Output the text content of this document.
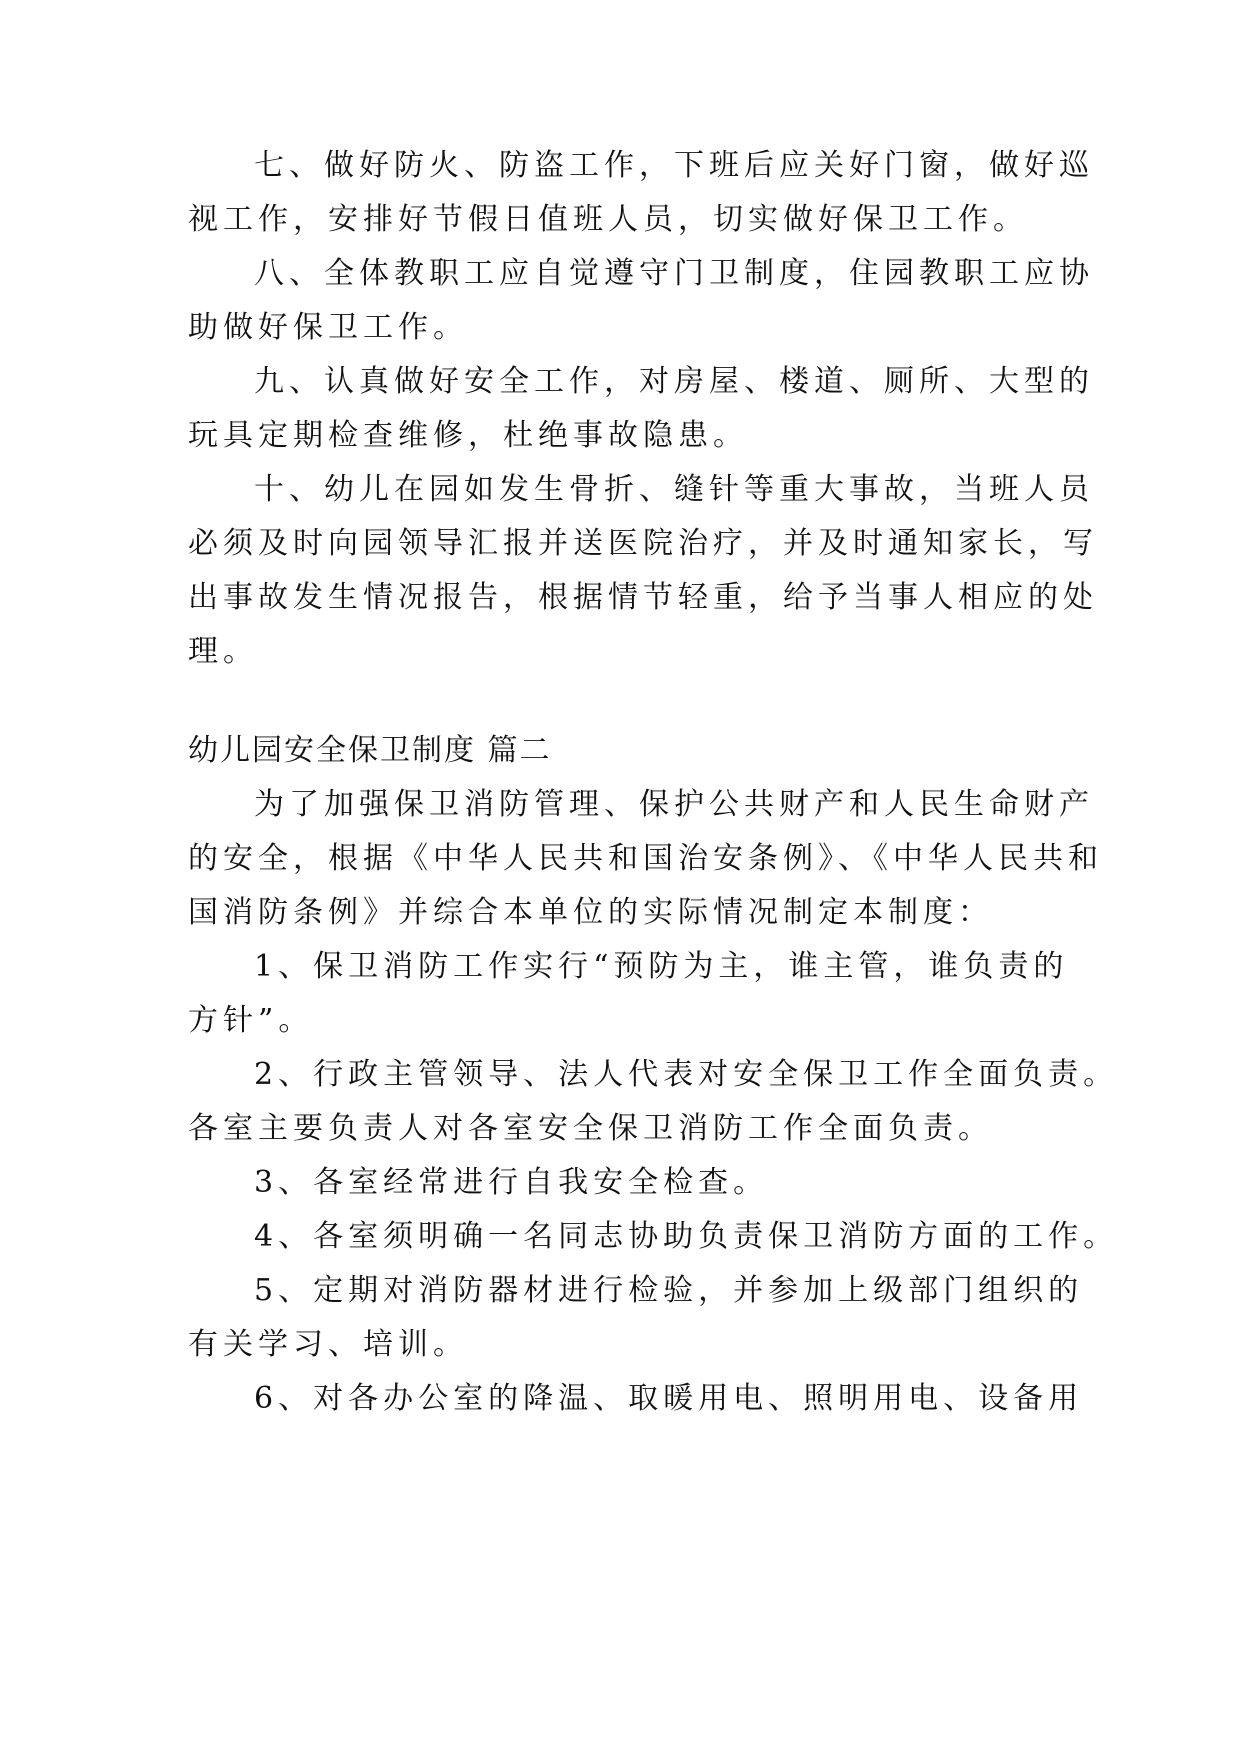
七、做好防火、防盗工作，下班后应关好门窗，做好巡
视工作，安排好节假日值班人员，切实做好保卫工作。
八、全体教职工应自觉遵守门卫制度，住园教职工应协
助做好保卫工作。
九、认真做好安全工作，对房屋、楼道、厕所、大型的
玩具定期检查维修，杜绝事故隐患。
十、幼儿在园如发生骨折、缝针等重大事故，当班人员
必须及时向园领导汇报并送医院治疗，并及时通知家长，写
出事故发生情况报告，根据情节轻重，给予当事人相应的处
理。
幼儿园安全保卫制度 篇二
为了加强保卫消防管理、保护公共财产和人民生命财产
的安全，根据《中华人民共和国治安条例》、《中华人民共和
国消防条例》并综合本单位的实际情况制定本制度：
1、保卫消防工作实行“预防为主，谁主管，谁负责的
方针”。
2、行政主管领导、法人代表对安全保卫工作全面负责。
各室主要负责人对各室安全保卫消防工作全面负责。
3、各室经常进行自我安全检查。
4、各室须明确一名同志协助负责保卫消防方面的工作。
5、定期对消防器材进行检验，并参加上级部门组织的
有关学习、培训。
6、对各办公室的降温、取暖用电、照明用电、设备用
